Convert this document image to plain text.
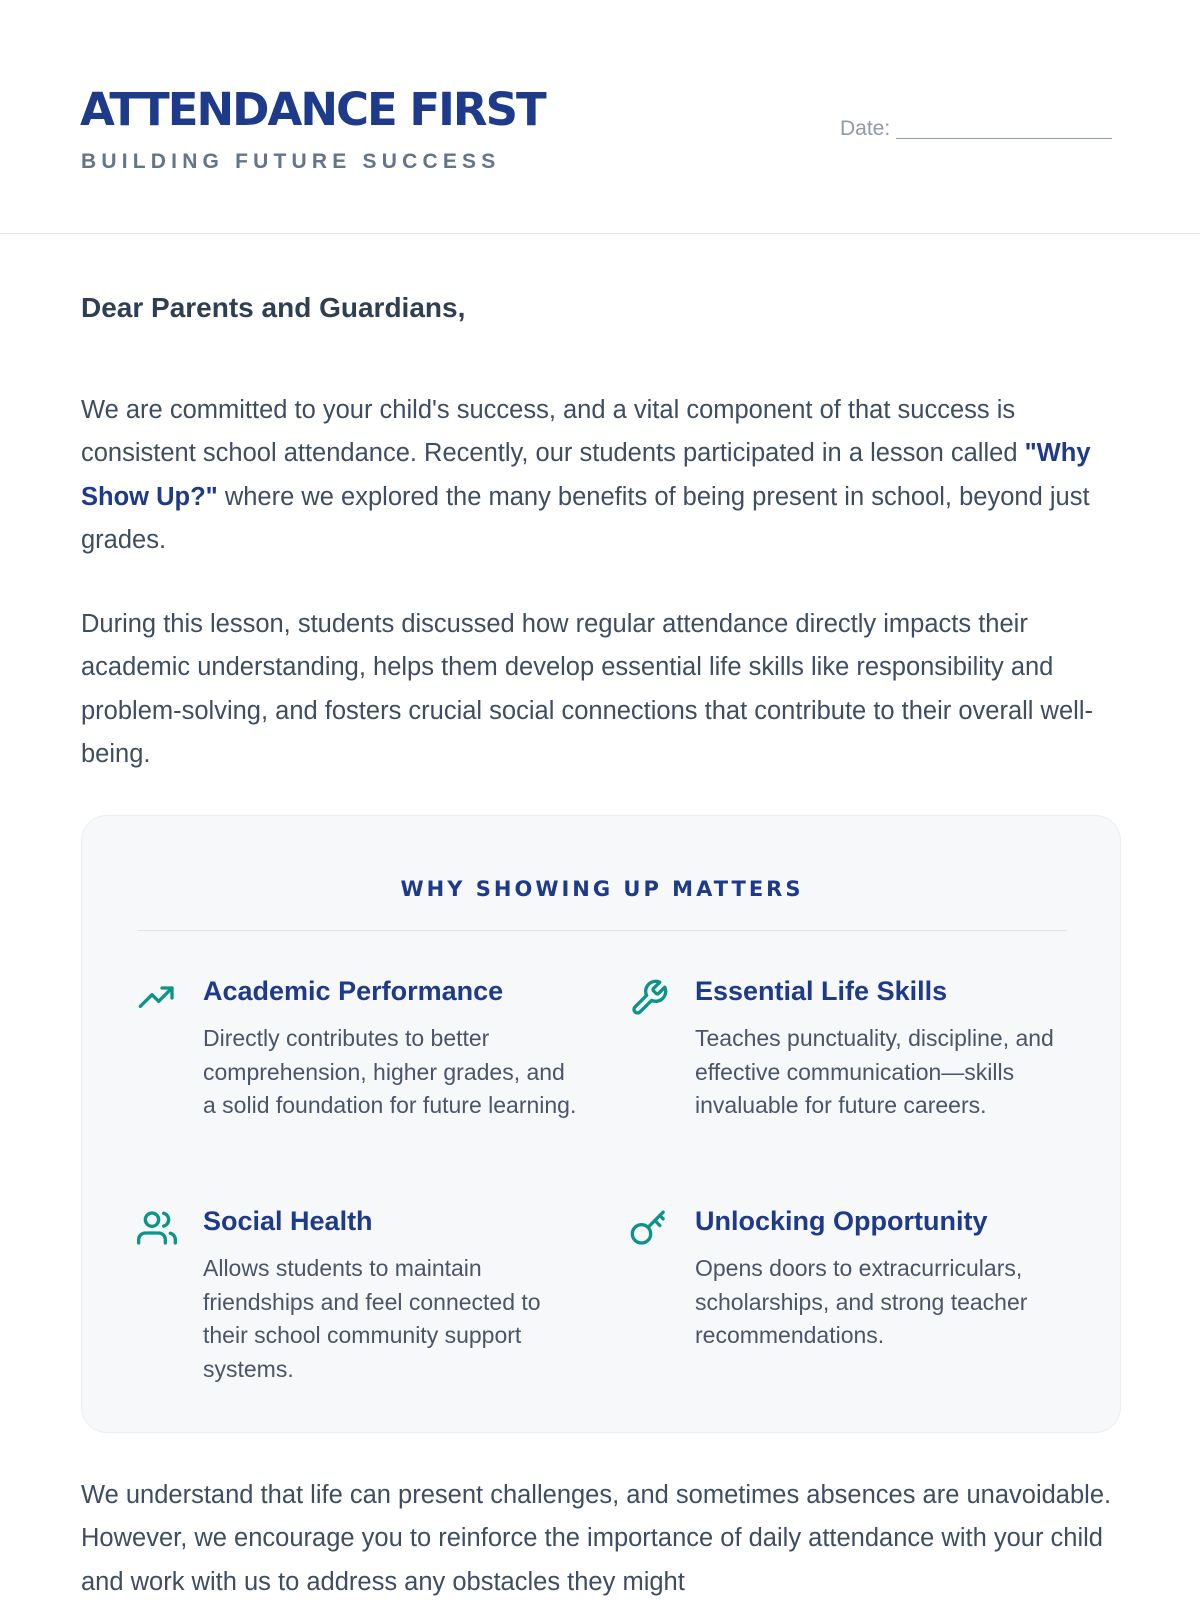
ATTENDANCE FIRST
BUILDING FUTURE SUCCESS
Date:
Dear Parents and Guardians,

We are committed to your child's success, and a vital component of that success is consistent school attendance. Recently, our students participated in a lesson called "Why Show Up?" where we explored the many benefits of being present in school, beyond just grades.

During this lesson, students discussed how regular attendance directly impacts their academic understanding, helps them develop essential life skills like responsibility and problem-solving, and fosters crucial social connections that contribute to their overall well-being.

WHY SHOWING UP MATTERS
Academic Performance
Directly contributes to better comprehension, higher grades, and a solid foundation for future learning.
Essential Life Skills
Teaches punctuality, discipline, and effective communication—skills invaluable for future careers.
Social Health
Allows students to maintain friendships and feel connected to their school community support systems.
Unlocking Opportunity
Opens doors to extracurriculars, scholarships, and strong teacher recommendations.

We understand that life can present challenges, and sometimes absences are unavoidable. However, we encourage you to reinforce the importance of daily attendance with your child and work with us to address any obstacles they might
